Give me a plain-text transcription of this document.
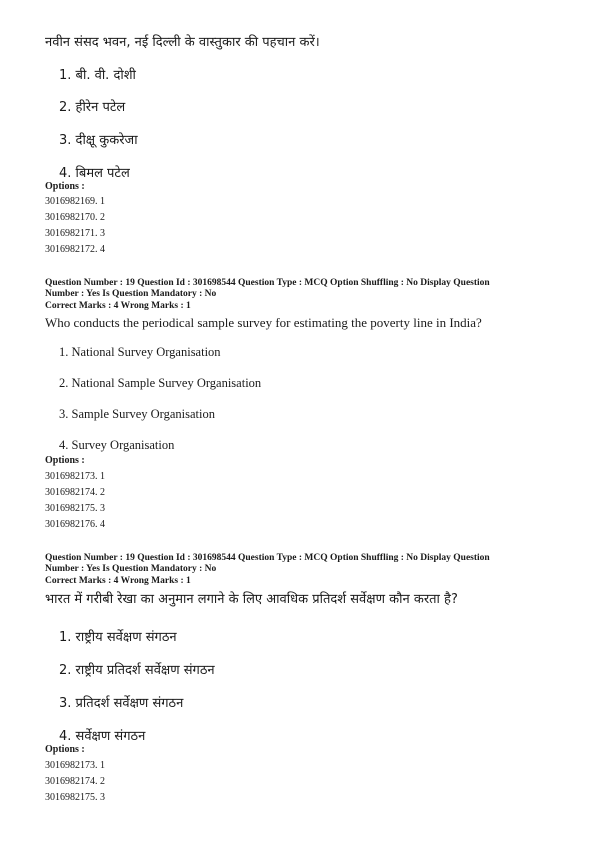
नवीन संसद भवन, नई दिल्ली के वास्तुकार की पहचान करें।
1. बी. वी. दोशी
2. हीरेन पटेल
3. दीक्षू कुकरेजा
4. बिमल पटेल
Options :
3016982169. 1
3016982170. 2
3016982171. 3
3016982172. 4
Question Number : 19 Question Id : 301698544 Question Type : MCQ Option Shuffling : No Display Question
Number : Yes Is Question Mandatory : No
Correct Marks : 4 Wrong Marks : 1
Who conducts the periodical sample survey for estimating the poverty line in India?
1. National Survey Organisation
2. National Sample Survey Organisation
3. Sample Survey Organisation
4. Survey Organisation
Options :
3016982173. 1
3016982174. 2
3016982175. 3
3016982176. 4
Question Number : 19 Question Id : 301698544 Question Type : MCQ Option Shuffling : No Display Question
Number : Yes Is Question Mandatory : No
Correct Marks : 4 Wrong Marks : 1
भारत में गरीबी रेखा का अनुमान लगाने के लिए आवधिक प्रतिदर्श सर्वेक्षण कौन करता है?
1. राष्ट्रीय सर्वेक्षण संगठन
2. राष्ट्रीय प्रतिदर्श सर्वेक्षण संगठन
3. प्रतिदर्श सर्वेक्षण संगठन
4. सर्वेक्षण संगठन
Options :
3016982173. 1
3016982174. 2
3016982175. 3
